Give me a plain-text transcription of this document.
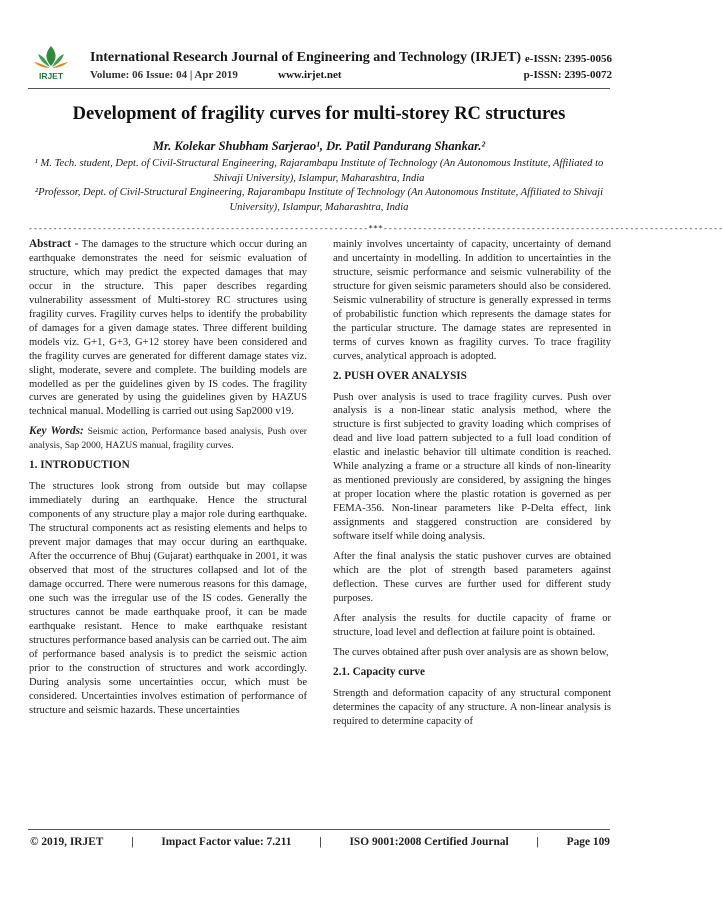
IRJET
International Research Journal of Engineering and Technology (IRJET) e-ISSN: 2395-0056
Volume: 06 Issue: 04 | Apr 2019	www.irjet.net	p-ISSN: 2395-0072
Development of fragility curves for multi-storey RC structures
Mr. Kolekar Shubham Sarjerao¹, Dr. Patil Pandurang Shankar.²
¹ M. Tech. student, Dept. of Civil-Structural Engineering, Rajarambapu Institute of Technology (An Autonomous Institute, Affiliated to Shivaji University), Islampur, Maharashtra, India
²Professor, Dept. of Civil-Structural Engineering, Rajarambapu Institute of Technology (An Autonomous Institute, Affiliated to Shivaji University), Islampur, Maharashtra, India
---------------------------------------------------------------------***---------------------------------------------------------------------

Abstract - The damages to the structure which occur during an earthquake demonstrates the need for seismic evaluation of structure, which may predict the expected damages that may occur in the structure. This paper describes regarding vulnerability assessment of Multi-storey RC structures using fragility curves. Fragility curves helps to identify the probability of damages for a given damage states. Three different building models viz. G+1, G+3, G+12 storey have been considered and the fragility curves are generated for different damage states viz. slight, moderate, severe and complete. The building models are modelled as per the guidelines given by IS codes. The fragility curves are generated by using the guidelines given by HAZUS technical manual. Modelling is carried out using Sap2000 v19.

Key Words: Seismic action, Performance based analysis, Push over analysis, Sap 2000, HAZUS manual, fragility curves.

1. INTRODUCTION

The structures look strong from outside but may collapse immediately during an earthquake. Hence the structural components of any structure play a major role during earthquake. The structural components act as resisting elements and helps to prevent major damages that may occur during an earthquake. After the occurrence of Bhuj (Gujarat) earthquake in 2001, it was observed that most of the structures collapsed and lot of the damage occurred. There were numerous reasons for this damage, one such was the irregular use of the IS codes. Generally the structures cannot be made earthquake proof, it can be made earthquake resistant. Hence to make earthquake resistant structures performance based analysis can be carried out. The aim of performance based analysis is to predict the seismic action prior to the construction of structures and work accordingly. During analysis some uncertainties occur, which must be considered. Uncertainties involves estimation of performance of structure and seismic hazards. These uncertainties

mainly involves uncertainty of capacity, uncertainty of demand and uncertainty in modelling. In addition to uncertainties in the structure, seismic performance and seismic vulnerability of the structure for given seismic parameters should also be considered. Seismic vulnerability of structure is generally expressed in terms of probabilistic function which represents the damage states for the particular structure. The damage states are represented in terms of curves known as fragility curves. To trace fragility curves, analytical approach is adopted.

2. PUSH OVER ANALYSIS

Push over analysis is used to trace fragility curves. Push over analysis is a non-linear static analysis method, where the structure is first subjected to gravity loading which comprises of dead and live load pattern subjected to a full load condition of elastic and inelastic behavior till ultimate condition is reached. While analyzing a frame or a structure all kinds of non-linearity as mentioned previously are considered, by assigning the hinges at proper location where the plastic rotation is governed as per FEMA-356. Non-linear parameters like P-Delta effect, link assignments and staggered construction are considered by software itself while doing analysis.

After the final analysis the static pushover curves are obtained which are the plot of strength based parameters against deflection. These curves are further used for different study purposes.

After analysis the results for ductile capacity of frame or structure, load level and deflection at failure point is obtained.

The curves obtained after push over analysis are as shown below,

2.1. Capacity curve

Strength and deformation capacity of any structural component determines the capacity of any structure. A non-linear analysis is required to determine capacity of

© 2019, IRJET | Impact Factor value: 7.211 | ISO 9001:2008 Certified Journal | Page 109
